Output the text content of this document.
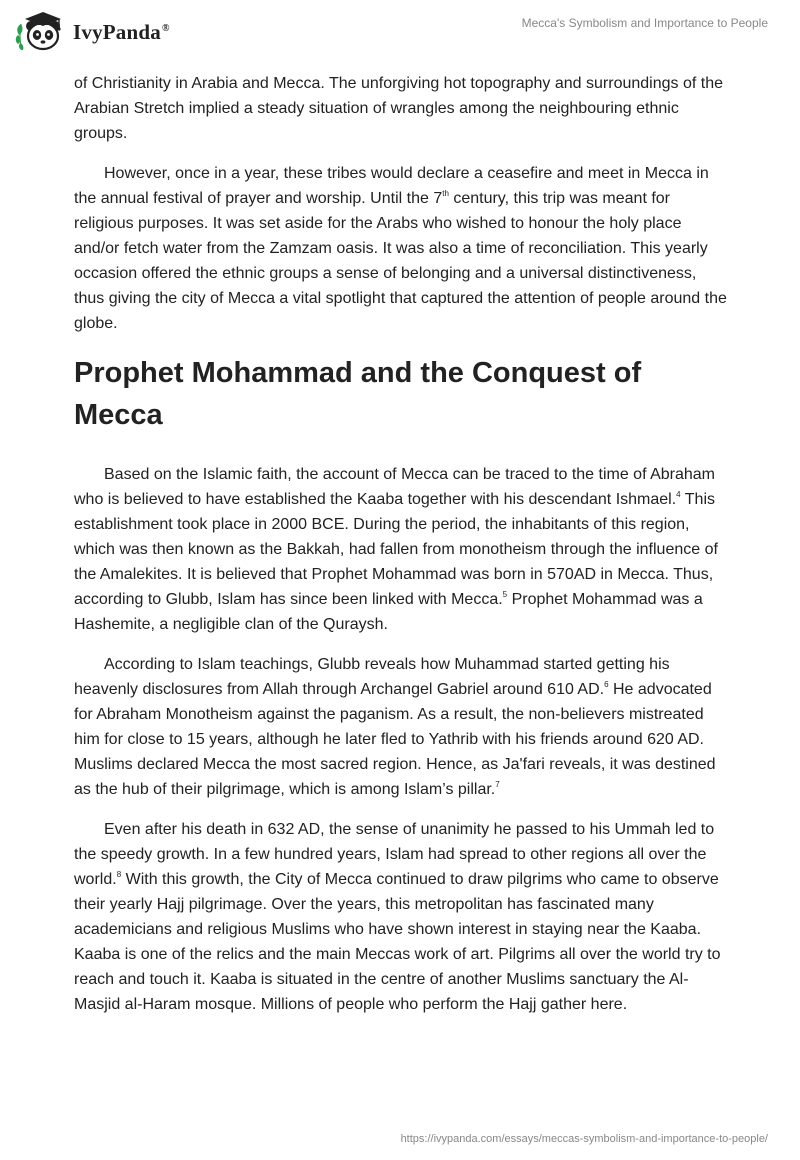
IvyPanda®	Mecca's Symbolism and Importance to People

of Christianity in Arabia and Mecca. The unforgiving hot topography and surroundings of the Arabian Stretch implied a steady situation of wrangles among the neighbouring ethnic groups.

However, once in a year, these tribes would declare a ceasefire and meet in Mecca in the annual festival of prayer and worship. Until the 7th century, this trip was meant for religious purposes. It was set aside for the Arabs who wished to honour the holy place and/or fetch water from the Zamzam oasis. It was also a time of reconciliation. This yearly occasion offered the ethnic groups a sense of belonging and a universal distinctiveness, thus giving the city of Mecca a vital spotlight that captured the attention of people around the globe.

Prophet Mohammad and the Conquest of Mecca

Based on the Islamic faith, the account of Mecca can be traced to the time of Abraham who is believed to have established the Kaaba together with his descendant Ishmael.$^4$ This establishment took place in 2000 BCE. During the period, the inhabitants of this region, which was then known as the Bakkah, had fallen from monotheism through the influence of the Amalekites. It is believed that Prophet Mohammad was born in 570AD in Mecca. Thus, according to Glubb, Islam has since been linked with Mecca.$^5$ Prophet Mohammad was a Hashemite, a negligible clan of the Quraysh.

According to Islam teachings, Glubb reveals how Muhammad started getting his heavenly disclosures from Allah through Archangel Gabriel around 610 AD.$^6$ He advocated for Abraham Monotheism against the paganism. As a result, the non-believers mistreated him for close to 15 years, although he later fled to Yathrib with his friends around 620 AD. Muslims declared Mecca the most sacred region. Hence, as Ja'fari reveals, it was destined as the hub of their pilgrimage, which is among Islam’s pillar.$^7$

Even after his death in 632 AD, the sense of unanimity he passed to his Ummah led to the speedy growth. In a few hundred years, Islam had spread to other regions all over the world.$^8$ With this growth, the City of Mecca continued to draw pilgrims who came to observe their yearly Hajj pilgrimage. Over the years, this metropolitan has fascinated many academicians and religious Muslims who have shown interest in staying near the Kaaba. Kaaba is one of the relics and the main Meccas work of art. Pilgrims all over the world try to reach and touch it. Kaaba is situated in the centre of another Muslims sanctuary the Al-Masjid al-Haram mosque. Millions of people who perform the Hajj gather here.

https://ivypanda.com/essays/meccas-symbolism-and-importance-to-people/
